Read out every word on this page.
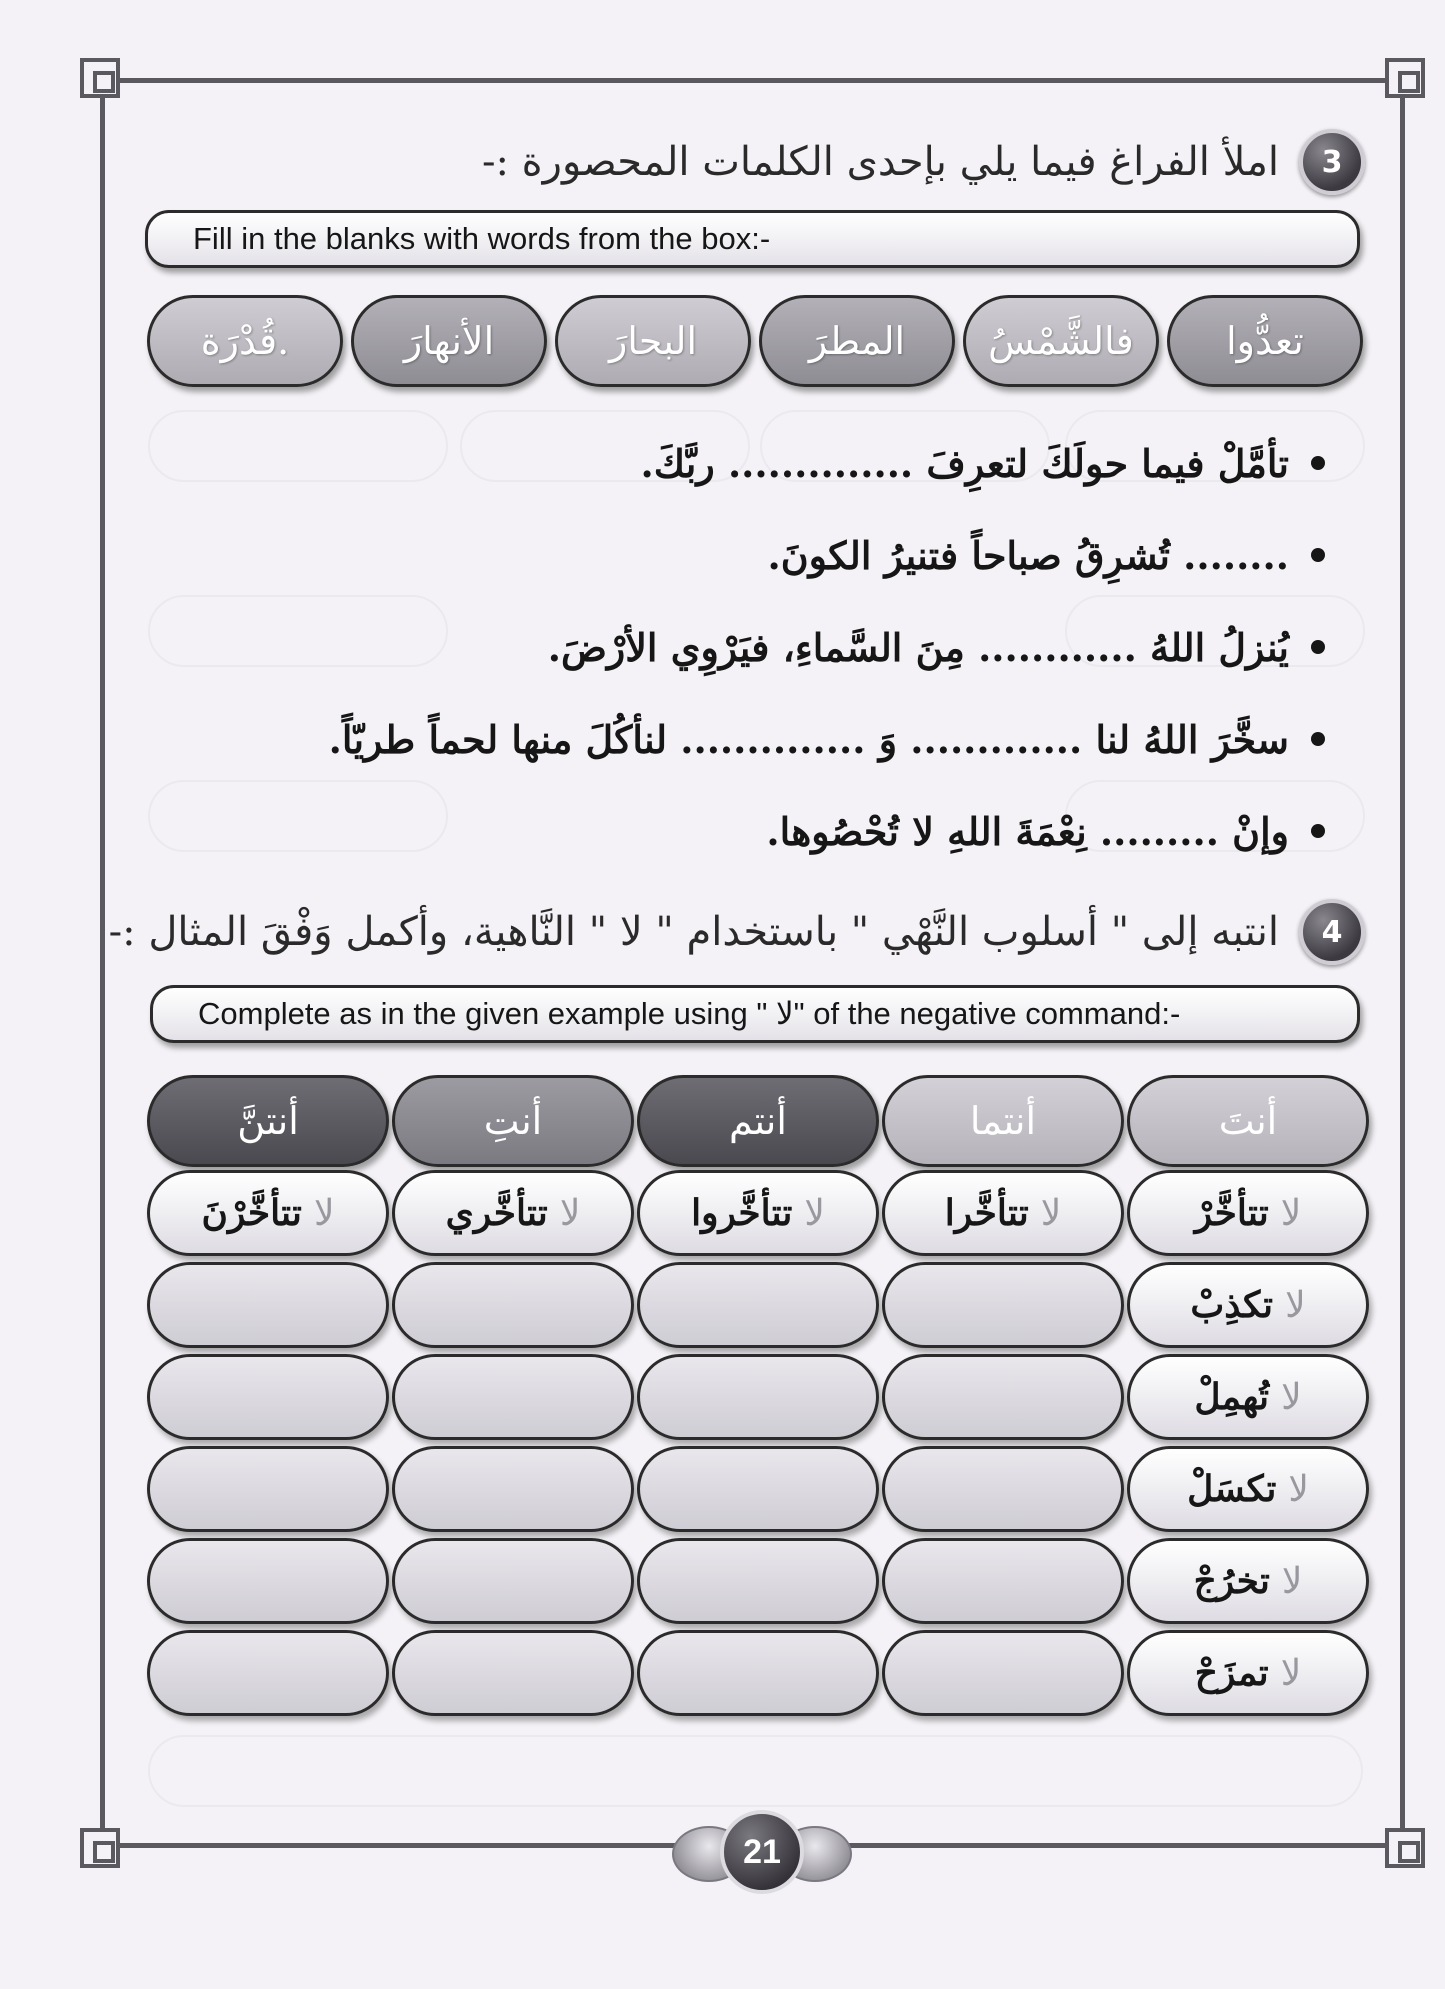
3
املأ الفراغ فيما يلي بإحدى الكلمات المحصورة :-
Fill in the blanks with words from the box:-
تعدُّوا
فالشَّمْسُ
المطرَ
البحارَ
الأنهارَ
قُدْرَة.
تأمَّلْ فيما حولَكَ لتعرِفَ .............. ربَّكَ.
........ تُشرِقُ صباحاً فتنيرُ الكونَ.
يُنزلُ اللهُ ............ مِنَ السَّماءِ، فيَرْوِي الأرْضَ.
سخَّرَ اللهُ لنا ............. وَ .............. لنأكُلَ منها لحماً طريّاً.
وإنْ ......... نِعْمَةَ اللهِ لا تُحْصُوها.
4
انتبه إلى " أسلوب النَّهْي " باستخدام " لا " النَّاهية، وأكمل وَفْقَ المثال :-
Complete as in the given example using " لا" of the negative command:-
أنتَ
أنتما
أنتم
أنتِ
أنتنَّ
لا
تتأخَّرْ
لا
تتأخَّرا
لا
تتأخَّروا
لا
تتأخَّري
لا
تتأخَّرْنَ
لا
تكذِبْ
لا
تُهمِلْ
لا
تكسَلْ
لا
تخرُجْ
لا
تمزَحْ
21
